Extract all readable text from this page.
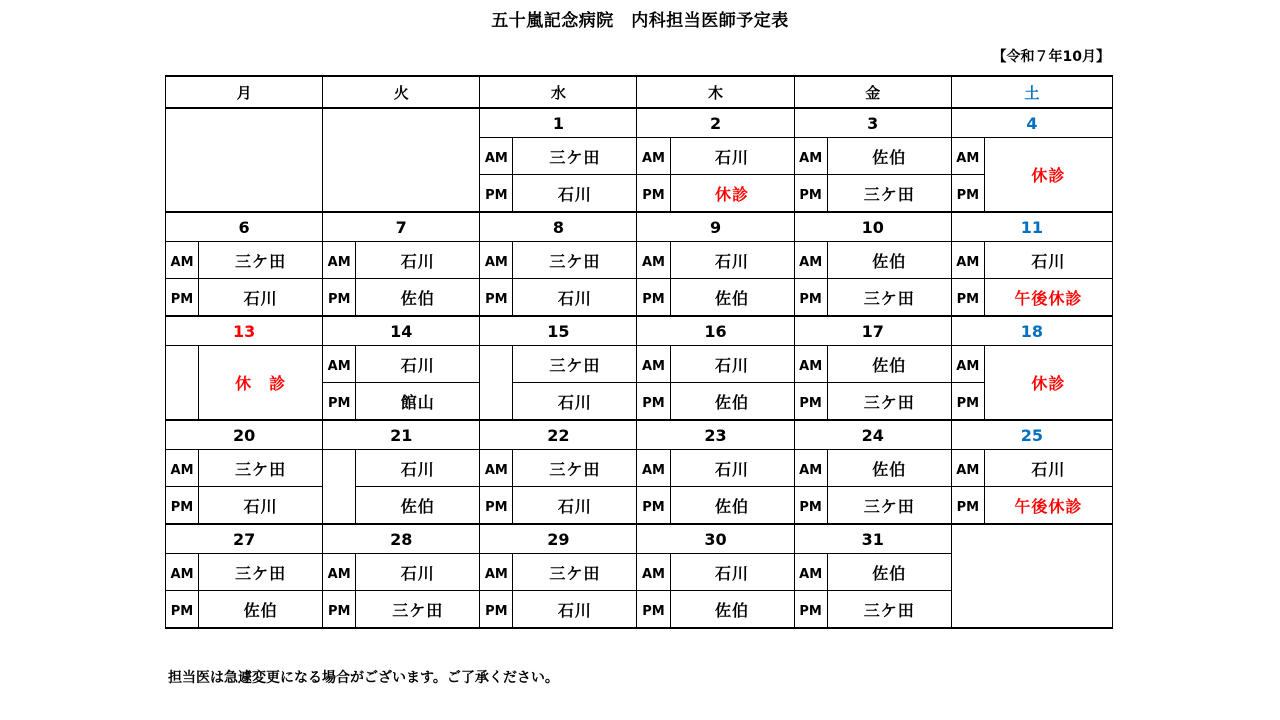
五十嵐記念病院　内科担当医師予定表
【令和７年10月】
月		火		水		木		金		土	
				1		2		3		4	
				AM	三ケ田	AM	石川	AM	佐伯	AM	休診
				PM	石川	PM	休診	PM	三ケ田	PM	
6		7		8		9		10		11	
AM	三ケ田	AM	石川	AM	三ケ田	AM	石川	AM	佐伯	AM	石川
PM	石川	PM	佐伯	PM	石川	PM	佐伯	PM	三ケ田	PM	午後休診
13		14		15		16		17		18	
	休　診	AM	石川		三ケ田	AM	石川	AM	佐伯	AM	休診
		PM	館山		石川	PM	佐伯	PM	三ケ田	PM	
20		21		22		23		24		25	
AM	三ケ田		石川	AM	三ケ田	AM	石川	AM	佐伯	AM	石川
PM	石川		佐伯	PM	石川	PM	佐伯	PM	三ケ田	PM	午後休診
27		28		29		30		31			
AM	三ケ田	AM	石川	AM	三ケ田	AM	石川	AM	佐伯		
PM	佐伯	PM	三ケ田	PM	石川	PM	佐伯	PM	三ケ田		
担当医は急遽変更になる場合がございます。ご了承ください。
